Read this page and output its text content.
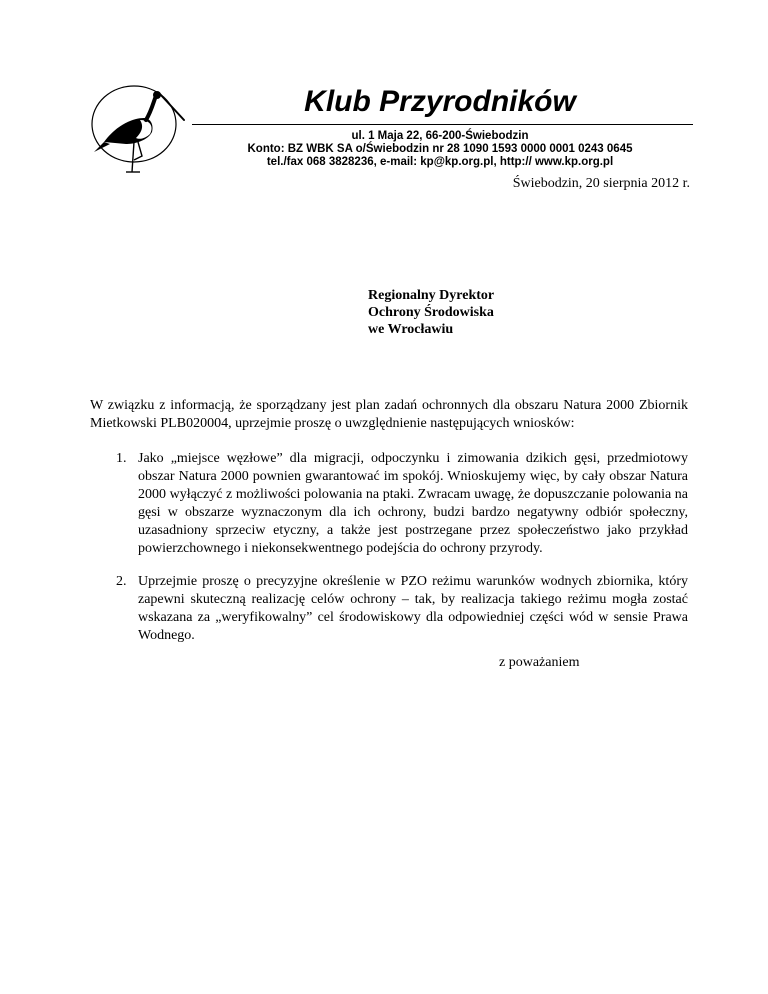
Klub Przyrodników
ul. 1 Maja 22, 66-200-Świebodzin
Konto: BZ WBK SA o/Świebodzin nr 28 1090 1593 0000 0001 0243 0645
tel./fax 068 3828236, e-mail: kp@kp.org.pl, http:// www.kp.org.pl
Świebodzin, 20 sierpnia 2012 r.
Regionalny Dyrektor
Ochrony Środowiska
we Wrocławiu
W związku z informacją, że sporządzany jest plan zadań ochronnych dla obszaru Natura 2000 Zbiornik Mietkowski PLB020004, uprzejmie proszę o uwzględnienie następujących wniosków:
1. Jako „miejsce węzłowe” dla migracji, odpoczynku i zimowania dzikich gęsi, przedmiotowy obszar Natura 2000 pownien gwarantować im spokój. Wnioskujemy więc, by cały obszar Natura 2000 wyłączyć z możliwości polowania na ptaki. Zwracam uwagę, że dopuszczanie polowania na gęsi w obszarze wyznaczonym dla ich ochrony, budzi bardzo negatywny odbiór społeczny, uzasadniony sprzeciw etyczny, a także jest postrzegane przez społeczeństwo jako przykład powierzchownego i niekonsekwentnego podejścia do ochrony przyrody.
2. Uprzejmie proszę o precyzyjne określenie w PZO reżimu warunków wodnych zbiornika, który zapewni skuteczną realizację celów ochrony – tak, by realizacja takiego reżimu mogła zostać wskazana za „weryfikowalny” cel środowiskowy dla odpowiedniej części wód w sensie Prawa Wodnego.
z poważaniem
